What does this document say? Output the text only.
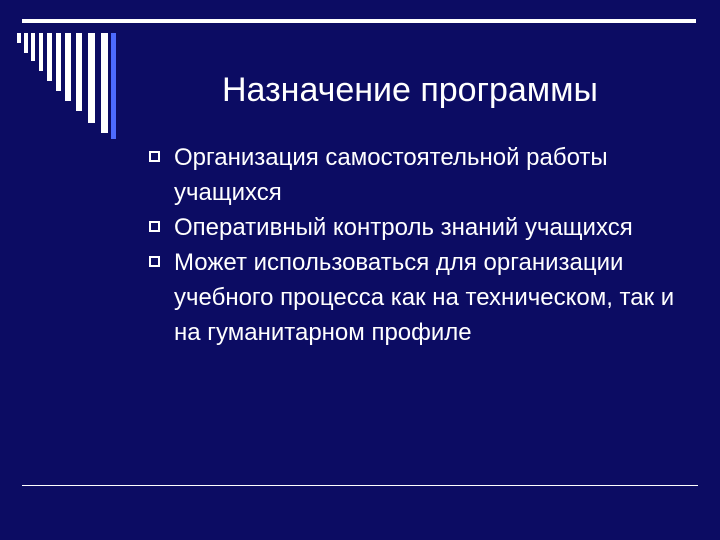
Назначение программы
Организация самостоятельной работы учащихся
Оперативный контроль знаний учащихся
Может использоваться для организации учебного процесса как на техническом, так и на гуманитарном профиле
